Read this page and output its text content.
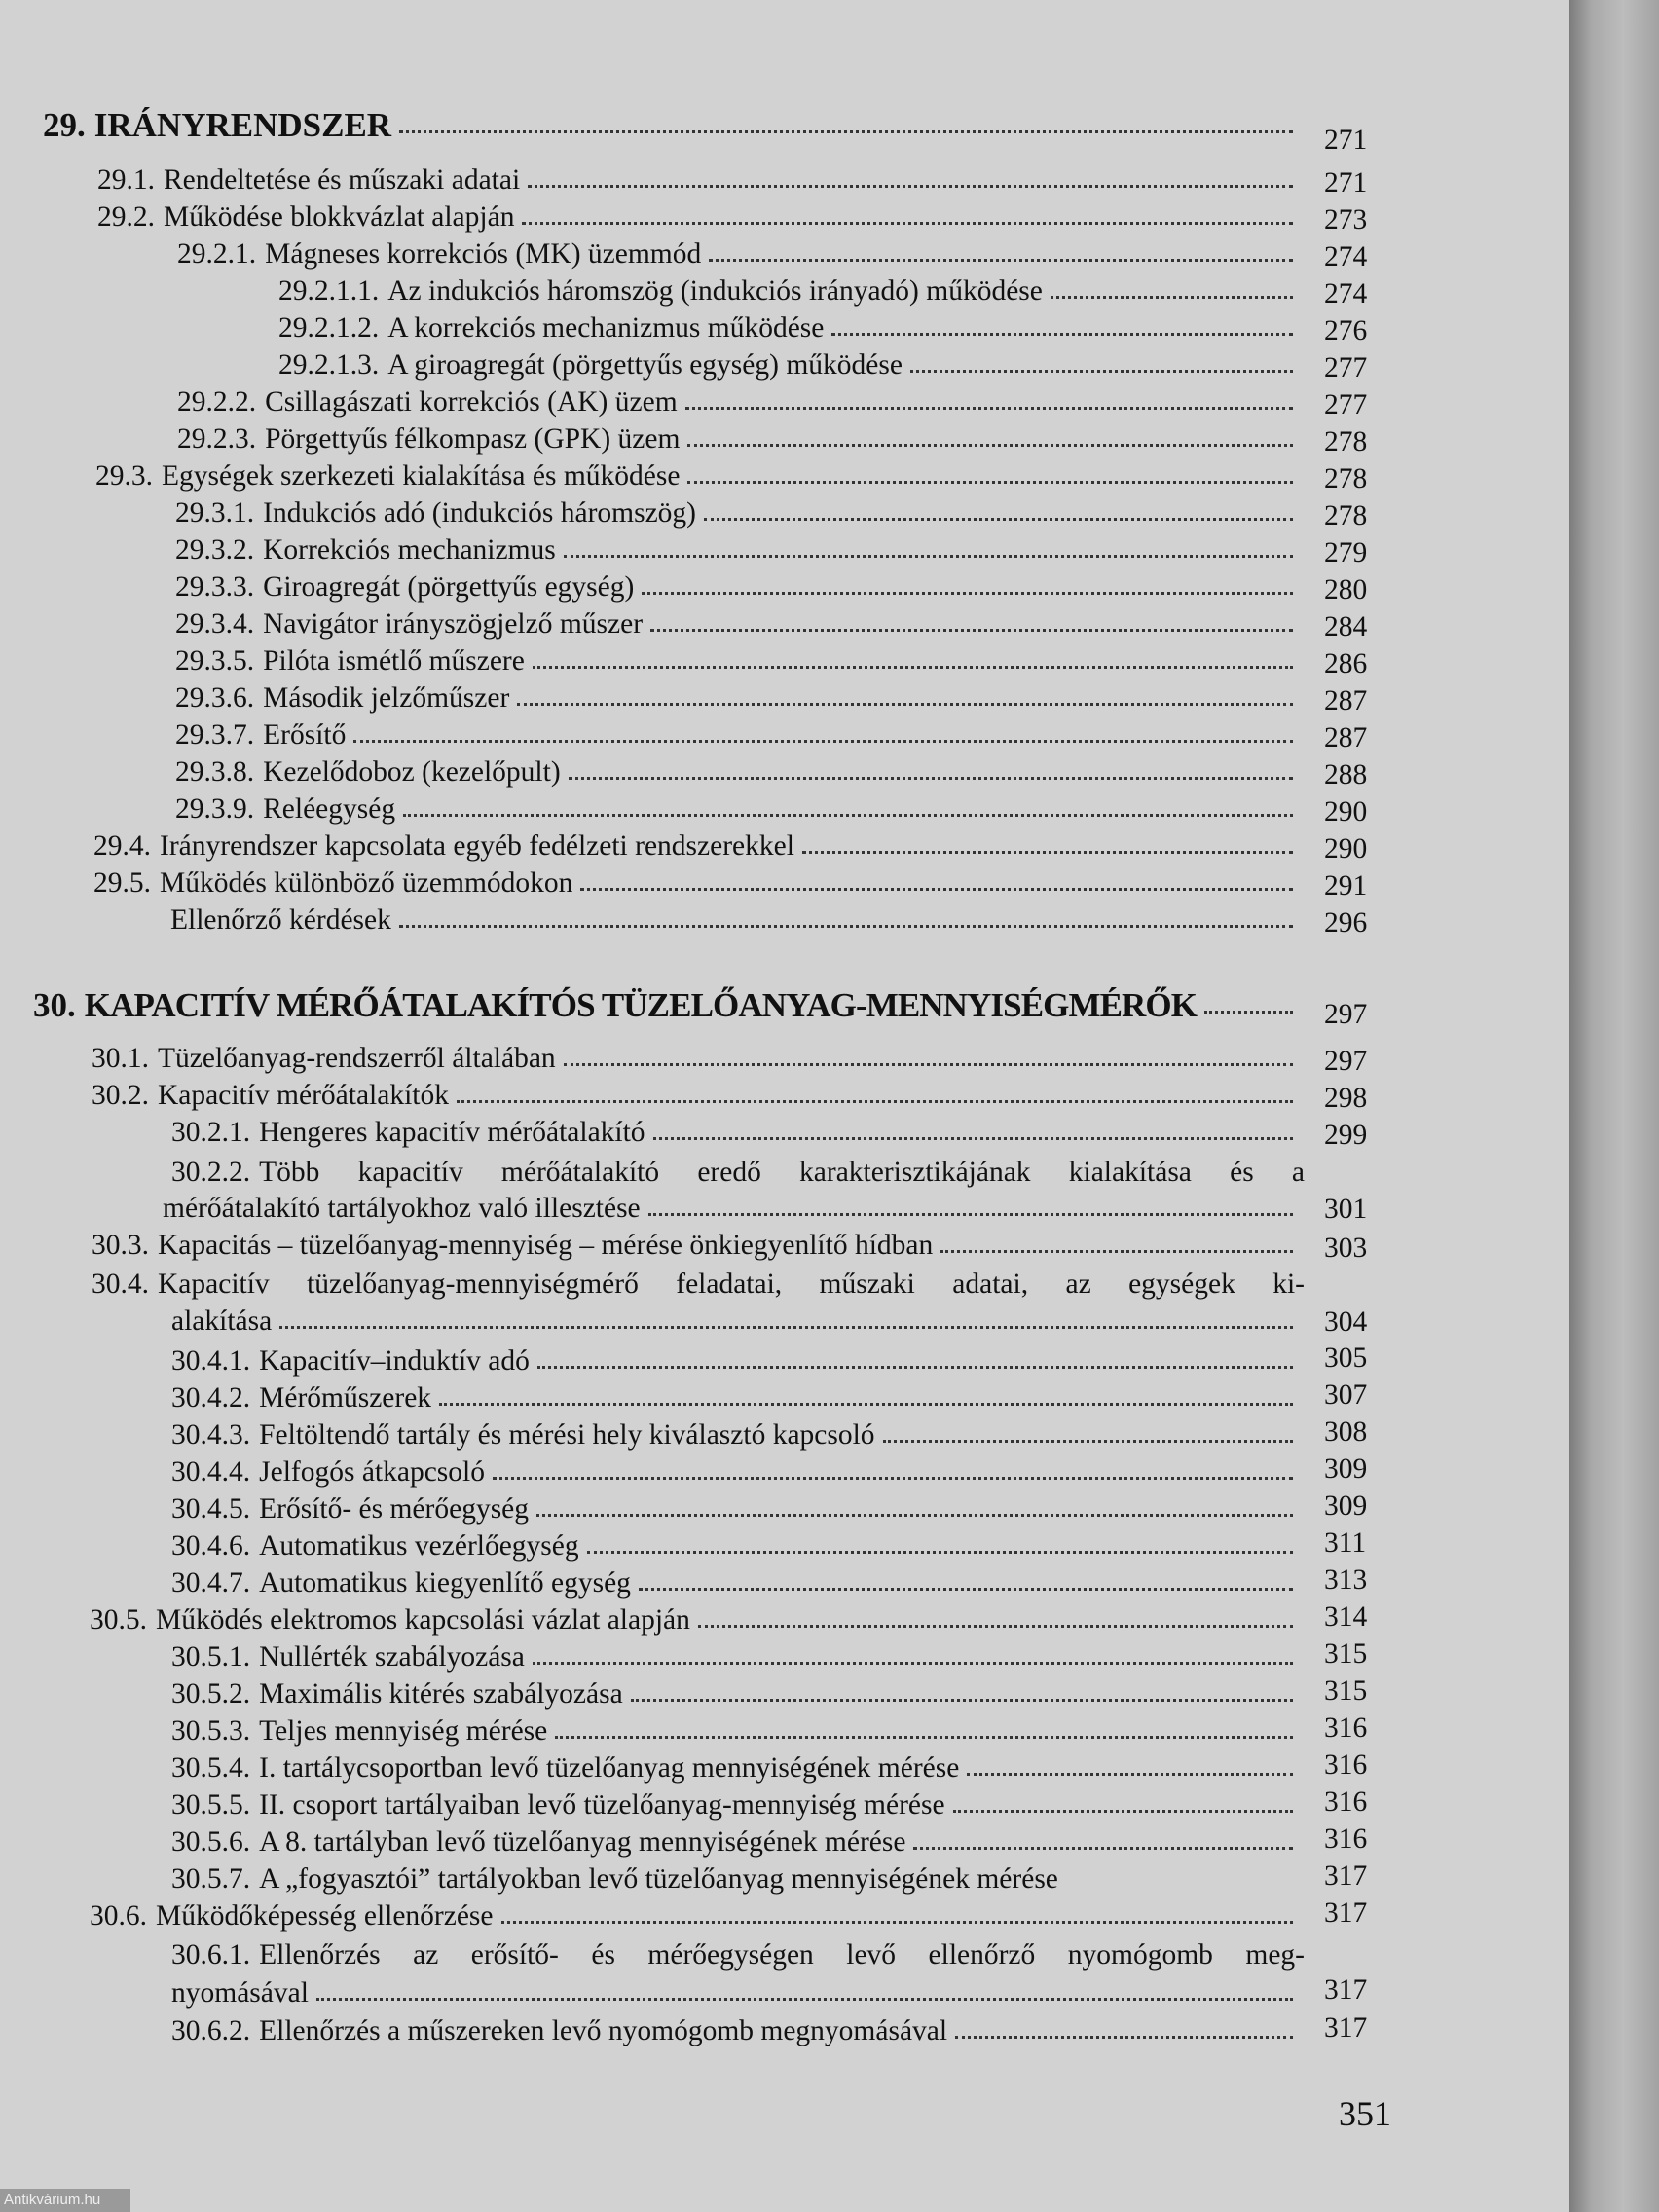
29. IRÁNYRENDSZER	271
29.1. Rendeltetése és műszaki adatai	271
29.2. Működése blokkvázlat alapján	273
29.2.1. Mágneses korrekciós (MK) üzemmód	274
29.2.1.1. Az indukciós háromszög (indukciós irányadó) működése	274
29.2.1.2. A korrekciós mechanizmus működése	276
29.2.1.3. A giroagregát (pörgettyűs egység) működése	277
29.2.2. Csillagászati korrekciós (AK) üzem	277
29.2.3. Pörgettyűs félkompasz (GPK) üzem	278
29.3. Egységek szerkezeti kialakítása és működése	278
29.3.1. Indukciós adó (indukciós háromszög)	278
29.3.2. Korrekciós mechanizmus	279
29.3.3. Giroagregát (pörgettyűs egység)	280
29.3.4. Navigátor irányszögjelző műszer	284
29.3.5. Pilóta ismétlő műszere	286
29.3.6. Második jelzőműszer	287
29.3.7. Erősítő	287
29.3.8. Kezelődoboz (kezelőpult)	288
29.3.9. Reléegység	290
29.4. Irányrendszer kapcsolata egyéb fedélzeti rendszerekkel	290
29.5. Működés különböző üzemmódokon	291
Ellenőrző kérdések	296
30. KAPACITÍV MÉRŐÁTALAKÍTÓS TÜZELŐANYAG-MENNYISÉGMÉRŐK	297
30.1. Tüzelőanyag-rendszerről általában	297
30.2. Kapacitív mérőátalakítók	298
30.2.1. Hengeres kapacitív mérőátalakító	299
30.2.2. Több kapacitív mérőátalakító eredő karakterisztikájának kialakítása és a
mérőátalakító tartályokhoz való illesztése	301
30.3. Kapacitás – tüzelőanyag-mennyiség – mérése önkiegyenlítő hídban	303
30.4. Kapacitív tüzelőanyag-mennyiségmérő feladatai, műszaki adatai, az egységek ki-
alakítása	304
30.4.1. Kapacitív–induktív adó	305
30.4.2. Mérőműszerek	307
30.4.3. Feltöltendő tartály és mérési hely kiválasztó kapcsoló	308
30.4.4. Jelfogós átkapcsoló	309
30.4.5. Erősítő- és mérőegység	309
30.4.6. Automatikus vezérlőegység	311
30.4.7. Automatikus kiegyenlítő egység	313
30.5. Működés elektromos kapcsolási vázlat alapján	314
30.5.1. Nullérték szabályozása	315
30.5.2. Maximális kitérés szabályozása	315
30.5.3. Teljes mennyiség mérése	316
30.5.4. I. tartálycsoportban levő tüzelőanyag mennyiségének mérése	316
30.5.5. II. csoport tartályaiban levő tüzelőanyag-mennyiség mérése	316
30.5.6. A 8. tartályban levő tüzelőanyag mennyiségének mérése	316
30.5.7. A „fogyasztói” tartályokban levő tüzelőanyag mennyiségének mérése	317
30.6. Működőképesség ellenőrzése	317
30.6.1. Ellenőrzés az erősítő- és mérőegységen levő ellenőrző nyomógomb meg-
nyomásával	317
30.6.2. Ellenőrzés a műszereken levő nyomógomb megnyomásával	317
351
Antikvárium.hu
